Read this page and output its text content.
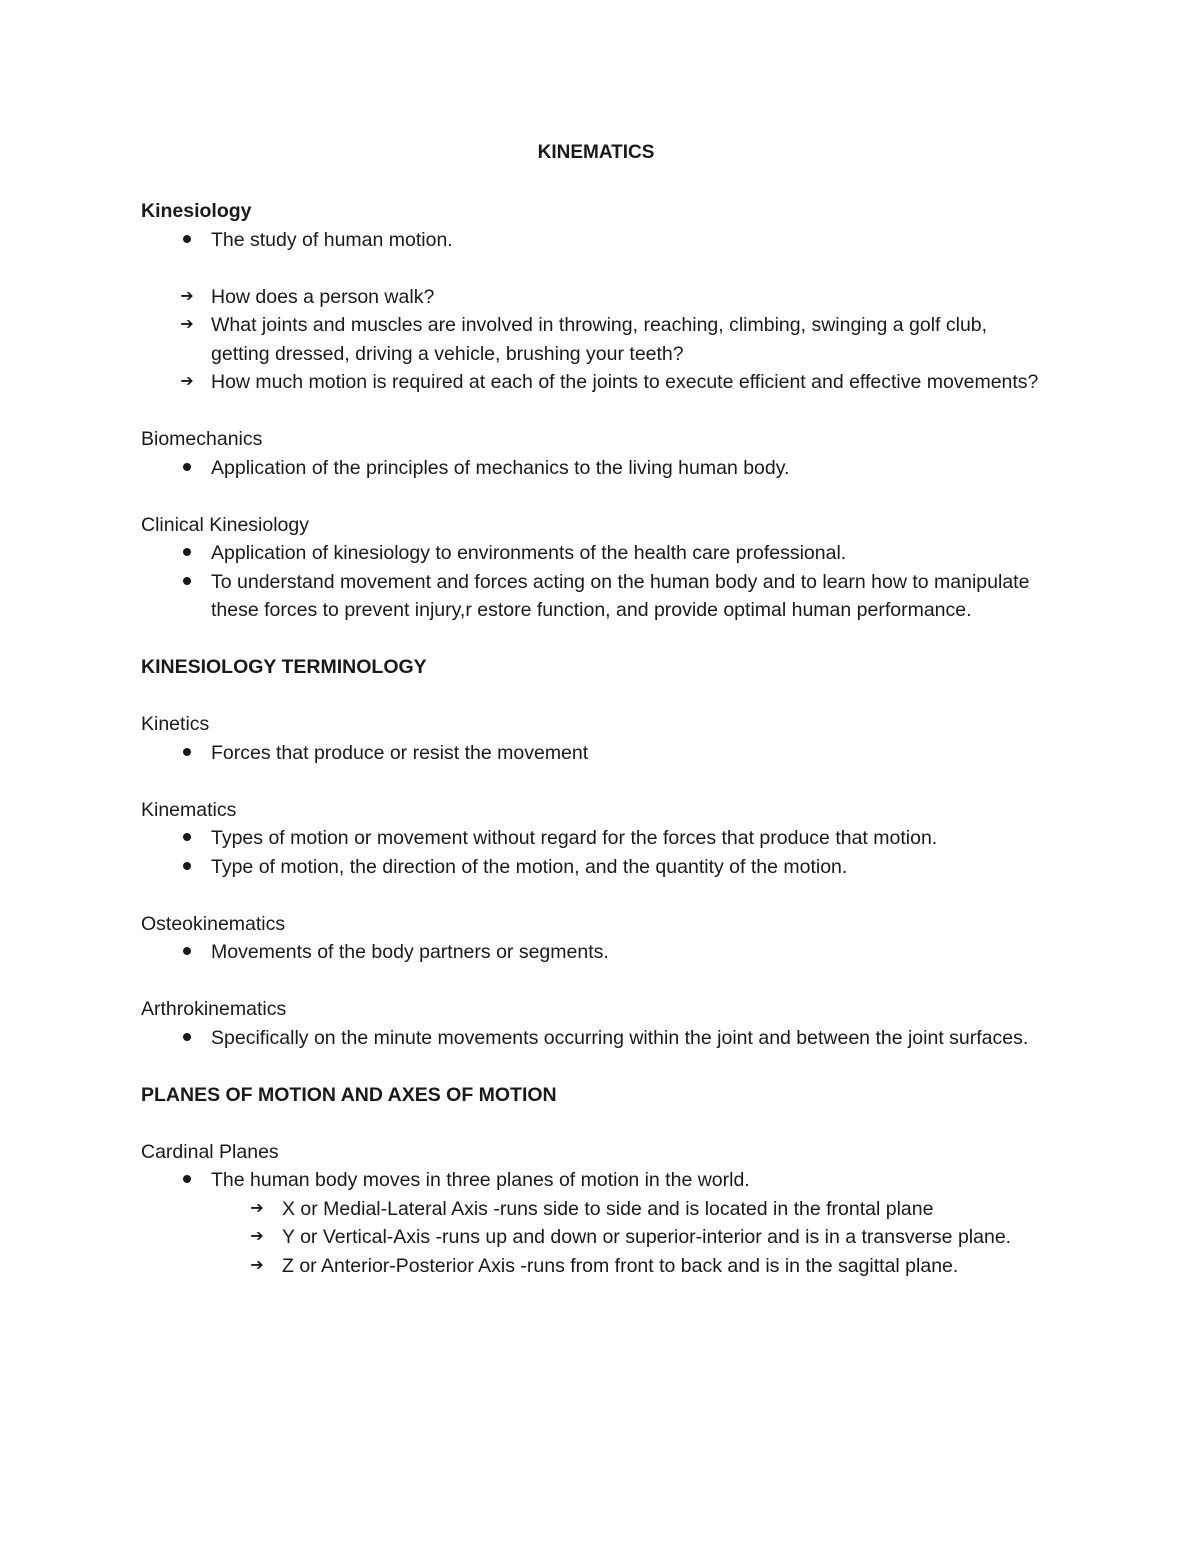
KINEMATICS
Kinesiology
The study of human motion.
➔ How does a person walk?
➔ What joints and muscles are involved in throwing, reaching, climbing, swinging a golf club, getting dressed, driving a vehicle, brushing your teeth?
➔ How much motion is required at each of the joints to execute efficient and effective movements?
Biomechanics
Application of the principles of mechanics to the living human body.
Clinical Kinesiology
Application of kinesiology to environments of the health care professional.
To understand movement and forces acting on the human body and to learn how to manipulate these forces to prevent injury,r estore function, and provide optimal human performance.
KINESIOLOGY TERMINOLOGY
Kinetics
Forces that produce or resist the movement
Kinematics
Types of motion or movement without regard for the forces that produce that motion.
Type of motion, the direction of the motion, and the quantity of the motion.
Osteokinematics
Movements of the body partners or segments.
Arthrokinematics
Specifically on the minute movements occurring within the joint and between the joint surfaces.
PLANES OF MOTION AND AXES OF MOTION
Cardinal Planes
The human body moves in three planes of motion in the world.
➔ X or Medial-Lateral Axis -runs side to side and is located in the frontal plane
➔ Y or Vertical-Axis -runs up and down or superior-interior and is in a transverse plane.
➔ Z or Anterior-Posterior Axis -runs from front to back and is in the sagittal plane.
